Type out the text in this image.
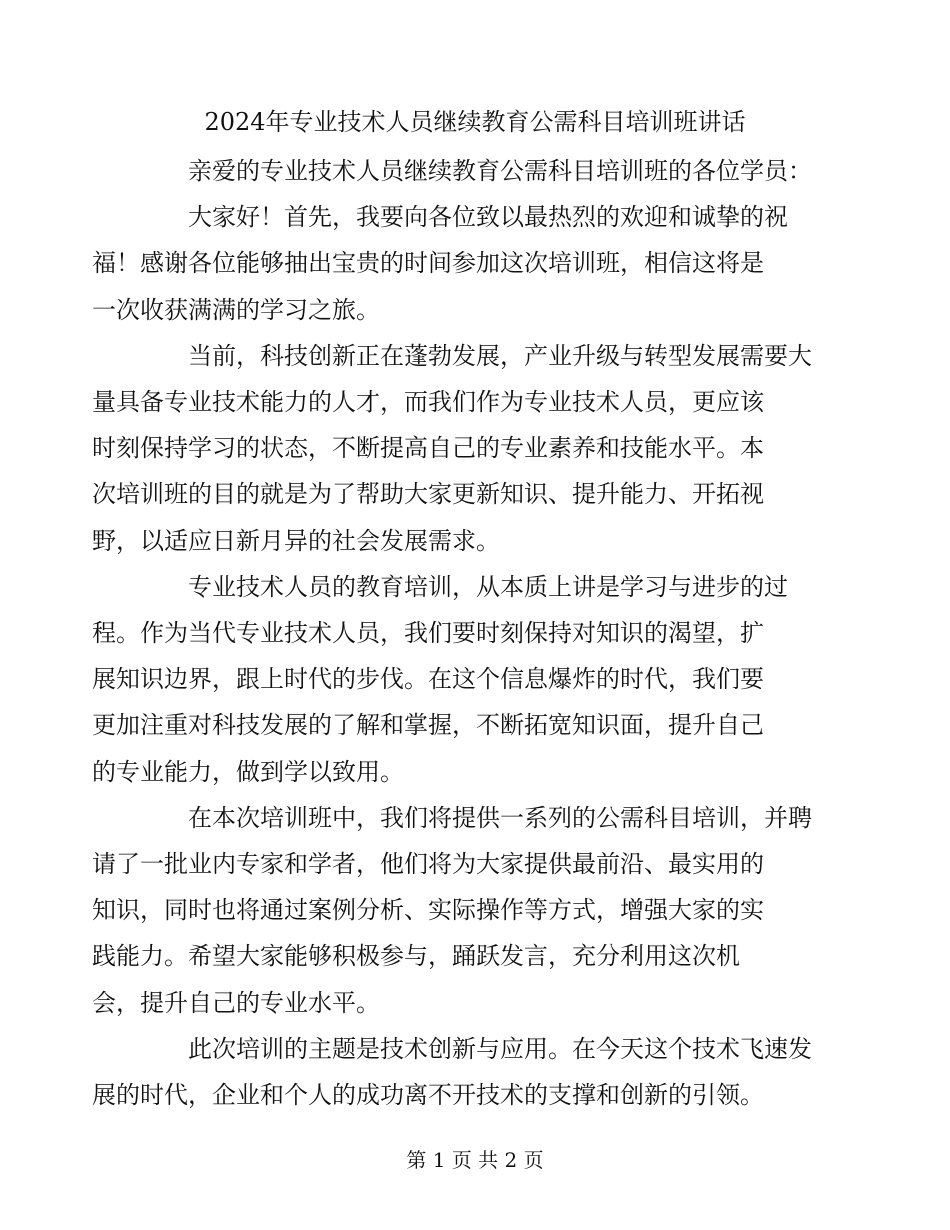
2024年专业技术人员继续教育公需科目培训班讲话

亲爱的专业技术人员继续教育公需科目培训班的各位学员：

大家好！首先，我要向各位致以最热烈的欢迎和诚挚的祝
福！感谢各位能够抽出宝贵的时间参加这次培训班，相信这将是
一次收获满满的学习之旅。

当前，科技创新正在蓬勃发展，产业升级与转型发展需要大
量具备专业技术能力的人才，而我们作为专业技术人员，更应该
时刻保持学习的状态，不断提高自己的专业素养和技能水平。本
次培训班的目的就是为了帮助大家更新知识、提升能力、开拓视
野，以适应日新月异的社会发展需求。

专业技术人员的教育培训，从本质上讲是学习与进步的过
程。作为当代专业技术人员，我们要时刻保持对知识的渴望，扩
展知识边界，跟上时代的步伐。在这个信息爆炸的时代，我们要
更加注重对科技发展的了解和掌握，不断拓宽知识面，提升自己
的专业能力，做到学以致用。

在本次培训班中，我们将提供一系列的公需科目培训，并聘
请了一批业内专家和学者，他们将为大家提供最前沿、最实用的
知识，同时也将通过案例分析、实际操作等方式，增强大家的实
践能力。希望大家能够积极参与，踊跃发言，充分利用这次机
会，提升自己的专业水平。

此次培训的主题是技术创新与应用。在今天这个技术飞速发
展的时代，企业和个人的成功离不开技术的支撑和创新的引领。

第 1 页 共 2 页
